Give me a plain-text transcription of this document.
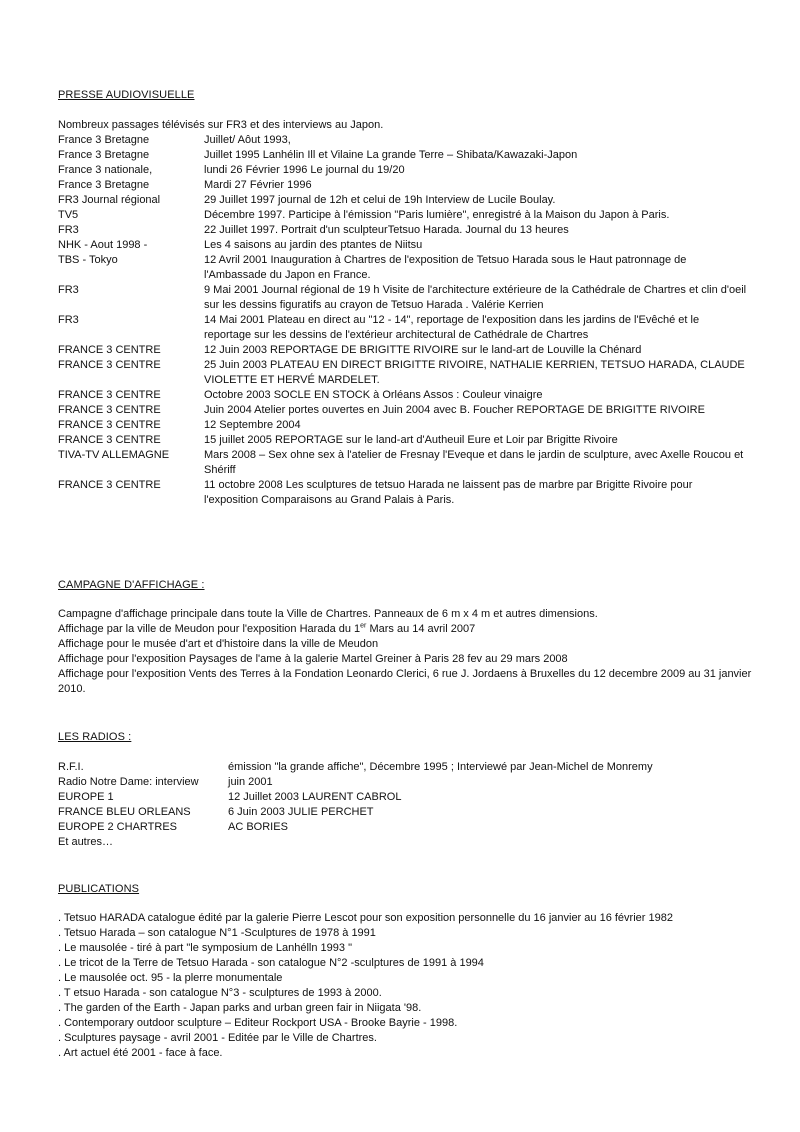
PRESSE AUDIOVISUELLE
Nombreux passages télévisés sur FR3 et des interviews au Japon.
France 3 Bretagne	Juillet/ Aôut 1993,
France 3 Bretagne	Juillet 1995 Lanhélin Ill et Vilaine La grande Terre – Shibata/Kawazaki-Japon
France 3 nationale,	lundi 26 Février 1996 Le journal du 19/20
France 3 Bretagne	Mardi 27 Février 1996
FR3 Journal régional	29 Juillet 1997 journal de 12h et celui de 19h Interview de Lucile Boulay.
TV5	Décembre 1997. Participe à l'émission "Paris lumière", enregistré à la Maison du Japon à Paris.
FR3	22 Juillet 1997. Portrait d'un sculpteurTetsuo Harada. Journal du 13 heures
NHK - Aout 1998 -	Les 4 saisons au jardin des ptantes de Niitsu
TBS - Tokyo	12 Avril 2001 Inauguration à Chartres de l'exposition de Tetsuo Harada sous le Haut patronnage de l'Ambassade du Japon en France.
FR3	9 Mai 2001 Journal régional de 19 h Visite de l'architecture extérieure de la Cathédrale de Chartres et clin d'oeil sur les dessins figuratifs au crayon de Tetsuo Harada . Valérie Kerrien
FR3	14 Mai 2001 Plateau en direct au "12 - 14", reportage de l'exposition dans les jardins de l'Evêché et le reportage sur les dessins de l'extérieur architectural de Cathédrale de Chartres
FRANCE 3 CENTRE	12 Juin 2003 REPORTAGE DE BRIGITTE RIVOIRE sur le land-art de Louville la Chénard
FRANCE 3 CENTRE	25 Juin 2003 PLATEAU EN DIRECT BRIGITTE RIVOIRE, NATHALIE KERRIEN, TETSUO HARADA, CLAUDE VIOLETTE ET HERVÉ MARDELET.
FRANCE 3 CENTRE	Octobre 2003 SOCLE EN STOCK à Orléans Assos : Couleur vinaigre
FRANCE 3 CENTRE	Juin 2004 Atelier portes ouvertes en Juin 2004 avec B. Foucher REPORTAGE DE BRIGITTE RIVOIRE
FRANCE 3 CENTRE	12 Septembre 2004
FRANCE 3 CENTRE	15 juillet 2005 REPORTAGE sur le land-art d'Autheuil Eure et Loir par Brigitte Rivoire
TIVA-TV ALLEMAGNE	Mars 2008 – Sex ohne sex à l'atelier de Fresnay l'Eveque et dans le jardin de sculpture, avec Axelle Roucou et Shériff
FRANCE 3 CENTRE	11 octobre 2008 Les sculptures de tetsuo Harada ne laissent pas de marbre par Brigitte Rivoire pour l'exposition Comparaisons au Grand Palais à Paris.
CAMPAGNE D'AFFICHAGE :
Campagne d'affichage principale dans toute la Ville de Chartres. Panneaux de 6 m x 4 m et autres dimensions.
Affichage par la ville de Meudon pour l'exposition Harada du 1er Mars au 14 avril 2007
Affichage pour le musée d'art et d'histoire dans la ville de Meudon
Affichage pour l'exposition Paysages de l'ame à la galerie Martel Greiner à Paris 28 fev au 29 mars 2008
Affichage pour l'exposition Vents des Terres à la Fondation Leonardo Clerici, 6 rue J. Jordaens à Bruxelles du 12 decembre 2009 au 31 janvier 2010.
LES RADIOS :
R.F.I.	émission "la grande affiche", Décembre 1995 ; Interviewé par Jean-Michel de Monremy
Radio Notre Dame: interview	juin 2001
EUROPE 1	12 Juillet 2003 LAURENT CABROL
FRANCE BLEU ORLEANS	6 Juin 2003 JULIE PERCHET
EUROPE 2 CHARTRES	AC BORIES
Et autres…
PUBLICATIONS
. Tetsuo HARADA catalogue édité par la galerie Pierre Lescot pour son exposition personnelle du 16 janvier au 16 février 1982
. Tetsuo Harada – son catalogue N°1 -Sculptures de 1978 à 1991
. Le mausolée - tiré à part "le symposium de Lanhélln 1993 "
. Le tricot de la Terre de Tetsuo Harada - son catalogue N°2 -sculptures de 1991 à 1994
. Le mausolée oct. 95 - la plerre monumentale
. T etsuo Harada - son catalogue N°3 - sculptures de 1993 à 2000.
. The garden of the Earth - Japan parks and urban green fair in Niigata '98.
. Contemporary outdoor sculpture – Editeur Rockport USA - Brooke Bayrie - 1998.
. Sculptures paysage - avril 2001 - Editée par le Ville de Chartres.
. Art actuel été 2001 - face à face.
